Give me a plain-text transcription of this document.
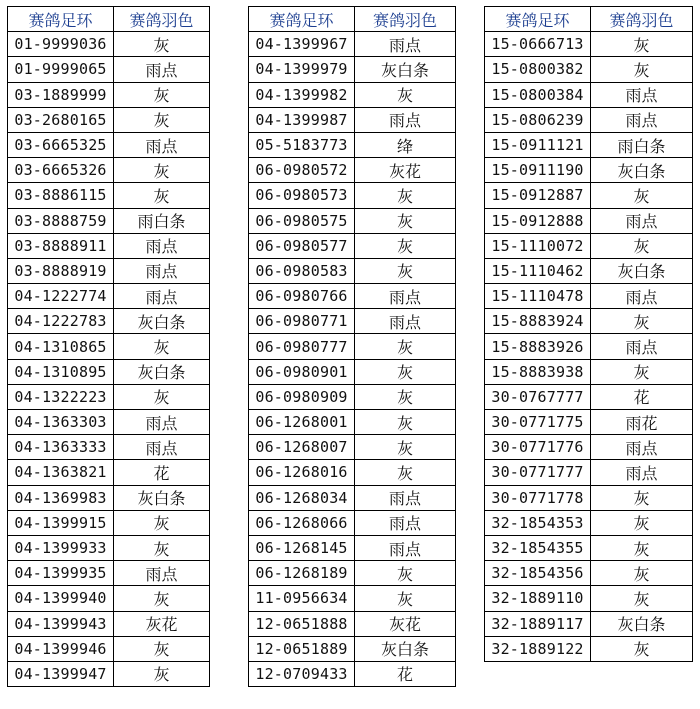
赛鸽足环	赛鸽羽色
01-9999036	灰
01-9999065	雨点
03-1889999	灰
03-2680165	灰
03-6665325	雨点
03-6665326	灰
03-8886115	灰
03-8888759	雨白条
03-8888911	雨点
03-8888919	雨点
04-1222774	雨点
04-1222783	灰白条
04-1310865	灰
04-1310895	灰白条
04-1322223	灰
04-1363303	雨点
04-1363333	雨点
04-1363821	花
04-1369983	灰白条
04-1399915	灰
04-1399933	灰
04-1399935	雨点
04-1399940	灰
04-1399943	灰花
04-1399946	灰
04-1399947	灰
赛鸽足环	赛鸽羽色
04-1399967	雨点
04-1399979	灰白条
04-1399982	灰
04-1399987	雨点
05-5183773	绛
06-0980572	灰花
06-0980573	灰
06-0980575	灰
06-0980577	灰
06-0980583	灰
06-0980766	雨点
06-0980771	雨点
06-0980777	灰
06-0980901	灰
06-0980909	灰
06-1268001	灰
06-1268007	灰
06-1268016	灰
06-1268034	雨点
06-1268066	雨点
06-1268145	雨点
06-1268189	灰
11-0956634	灰
12-0651888	灰花
12-0651889	灰白条
12-0709433	花
赛鸽足环	赛鸽羽色
15-0666713	灰
15-0800382	灰
15-0800384	雨点
15-0806239	雨点
15-0911121	雨白条
15-0911190	灰白条
15-0912887	灰
15-0912888	雨点
15-1110072	灰
15-1110462	灰白条
15-1110478	雨点
15-8883924	灰
15-8883926	雨点
15-8883938	灰
30-0767777	花
30-0771775	雨花
30-0771776	雨点
30-0771777	雨点
30-0771778	灰
32-1854353	灰
32-1854355	灰
32-1854356	灰
32-1889110	灰
32-1889117	灰白条
32-1889122	灰
